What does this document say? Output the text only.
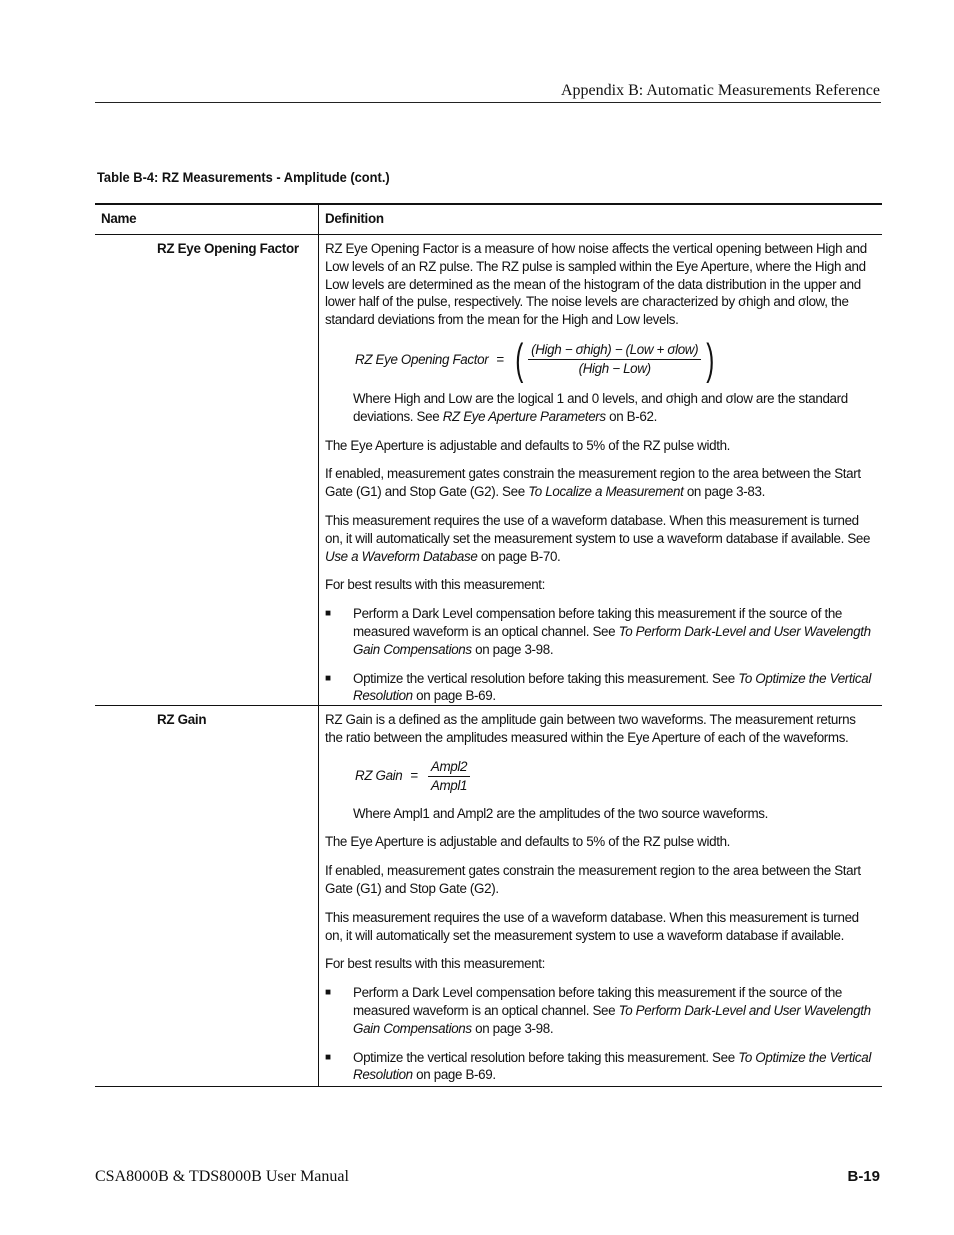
Appendix B: Automatic Measurements Reference
Table B-4: RZ Measurements - Amplitude (cont.)
Name	Definition
RZ Eye Opening Factor	RZ Eye Opening Factor is a measure of how noise affects the vertical opening between High and Low levels of an RZ pulse. The RZ pulse is sampled within the Eye Aperture, where the High and Low levels are determined as the mean of the histogram of the data distribution in the upper and lower half of the pulse, respectively. The noise levels are characterized by σhigh and σlow, the standard deviations from the mean for the High and Low levels.

RZ Eye Opening Factor = ( $\frac{\text{(High − σhigh) − (Low + σlow)}}{\text{(High − Low)}}$ )

Where High and Low are the logical 1 and 0 levels, and σhigh and σlow are the standard deviations. See RZ Eye Aperture Parameters on B-62.

The Eye Aperture is adjustable and defaults to 5% of the RZ pulse width.

If enabled, measurement gates constrain the measurement region to the area between the Start Gate (G1) and Stop Gate (G2). See To Localize a Measurement on page 3-83.

This measurement requires the use of a waveform database. When this measurement is turned on, it will automatically set the measurement system to use a waveform database if available. See Use a Waveform Database on page B-70.

For best results with this measurement:

■	Perform a Dark Level compensation before taking this measurement if the source of the measured waveform is an optical channel. See To Perform Dark-Level and User Wavelength Gain Compensations on page 3-98.
■	Optimize the vertical resolution before taking this measurement. See To Optimize the Vertical Resolution on page B-69.
RZ Gain	RZ Gain is a defined as the amplitude gain between two waveforms. The measurement returns the ratio between the amplitudes measured within the Eye Aperture of each of the waveforms.

RZ Gain = $\frac{\text{Ampl2}}{\text{Ampl1}}$

Where Ampl1 and Ampl2 are the amplitudes of the two source waveforms.

The Eye Aperture is adjustable and defaults to 5% of the RZ pulse width.

If enabled, measurement gates constrain the measurement region to the area between the Start Gate (G1) and Stop Gate (G2).

This measurement requires the use of a waveform database. When this measurement is turned on, it will automatically set the measurement system to use a waveform database if available.

For best results with this measurement:

■	Perform a Dark Level compensation before taking this measurement if the source of the measured waveform is an optical channel. See To Perform Dark-Level and User Wavelength Gain Compensations on page 3-98.
■	Optimize the vertical resolution before taking this measurement. See To Optimize the Vertical Resolution on page B-69.
CSA8000B & TDS8000B User Manual	B-19
